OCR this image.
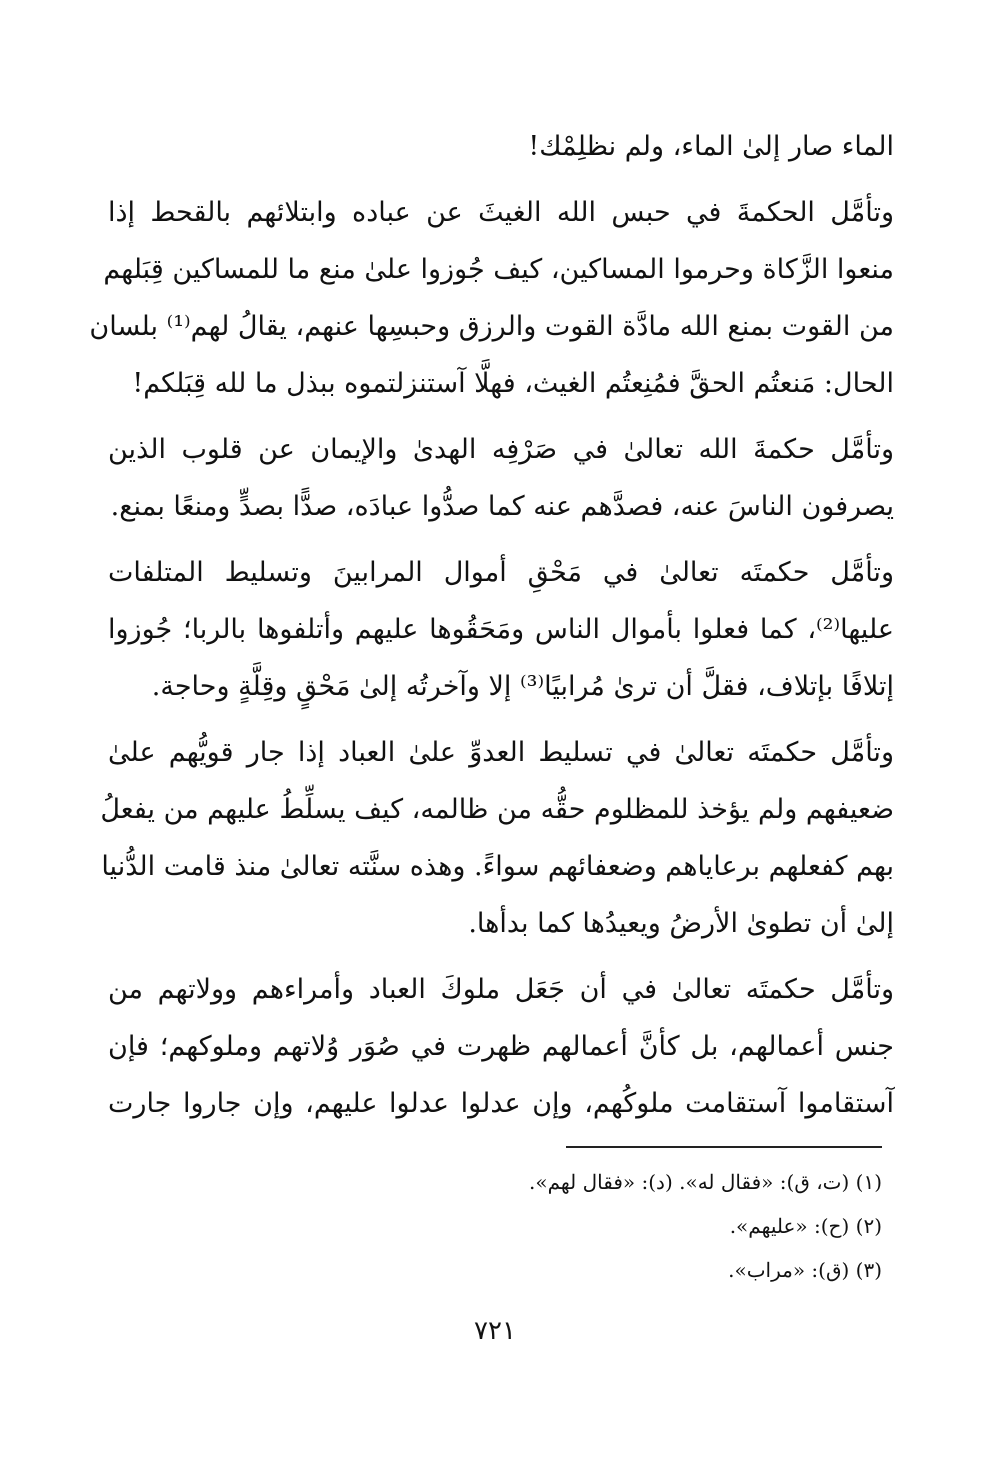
الماء صار إلىٰ الماء، ولم نظلِمْك!
وتأمَّل الحكمةَ في حبس الله الغيثَ عن عباده وابتلائهم بالقحط إذا
منعوا الزَّكاة وحرموا المساكين، كيف جُوزوا علىٰ منع ما للمساكين قِبَلهم
من القوت بمنع الله مادَّة القوت والرزق وحبسِها عنهم، يقالُ لهم⁽¹⁾ بلسان
الحال: مَنعتُم الحقَّ فمُنِعتُم الغيث، فهلَّا آستنزلتموه ببذل ما لله قِبَلكم!
وتأمَّل حكمةَ الله تعالىٰ في صَرْفِه الهدىٰ والإيمان عن قلوب الذين
يصرفون الناسَ عنه، فصدَّهم عنه كما صدُّوا عبادَه، صدًّا بصدٍّ ومنعًا بمنع.
وتأمَّل حكمتَه تعالىٰ في مَحْقِ أموال المرابينَ وتسليط المتلفات
عليها⁽²⁾، كما فعلوا بأموال الناس ومَحَقُوها عليهم وأتلفوها بالربا؛ جُوزوا
إتلافًا بإتلاف، فقلَّ أن ترىٰ مُرابيًا⁽³⁾ إلا وآخرتُه إلىٰ مَحْقٍ وقِلَّةٍ وحاجة.
وتأمَّل حكمتَه تعالىٰ في تسليط العدوِّ علىٰ العباد إذا جار قويُّهم علىٰ
ضعيفهم ولم يؤخذ للمظلوم حقُّه من ظالمه، كيف يسلِّطُ عليهم من يفعلُ
بهم كفعلهم برعاياهم وضعفائهم سواءً. وهذه سنَّته تعالىٰ منذ قامت الدُّنيا
إلىٰ أن تطوىٰ الأرضُ ويعيدُها كما بدأها.
وتأمَّل حكمتَه تعالىٰ في أن جَعَل ملوكَ العباد وأمراءهم وولاتهم من
جنس أعمالهم، بل كأنَّ أعمالهم ظهرت في صُوَر وُلاتهم وملوكهم؛ فإن
آستقاموا آستقامت ملوكُهم، وإن عدلوا عدلوا عليهم، وإن جاروا جارت
(١) (ت، ق): «فقال له». (د): «فقال لهم».
(٢) (ح): «عليهم».
(٣) (ق): «مراب».
٧٢١
